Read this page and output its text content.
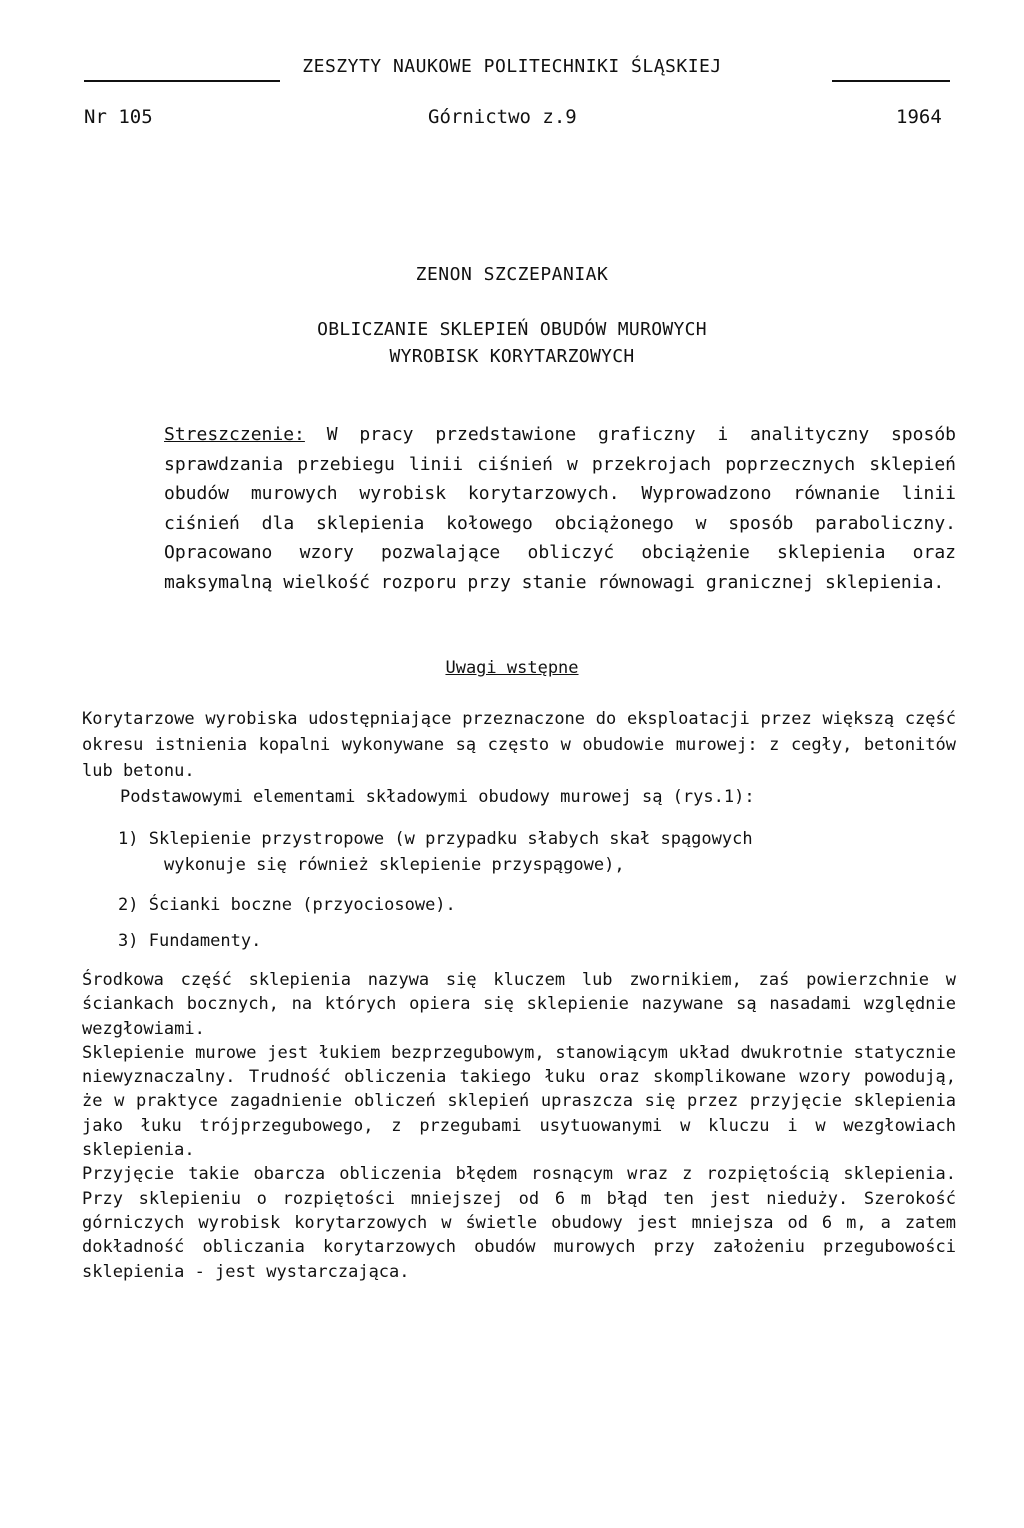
ZESZYTY NAUKOWE POLITECHNIKI ŚLĄSKIEJ
Nr 105	Górnictwo z.9	1964
ZENON SZCZEPANIAK
OBLICZANIE SKLEPIEŃ OBUDÓW MUROWYCH
WYROBISK KORYTARZOWYCH
Streszczenie: W pracy przedstawione graficzny i analityczny sposób sprawdzania przebiegu linii ciśnień w przekrojach poprzecznych sklepień obudów murowych wyrobisk korytarzowych. Wyprowadzono równanie linii ciśnień dla sklepienia kołowego obciążonego w sposób paraboliczny. Opracowano wzory pozwalające obliczyć obciążenie sklepienia oraz maksymalną wielkość rozporu przy stanie równowagi granicznej sklepienia.
Uwagi wstępne
Korytarzowe wyrobiska udostępniające przeznaczone do eksploatacji przez większą część okresu istnienia kopalni wykonywane są często w obudowie murowej: z cegły, betonitów lub betonu.
Podstawowymi elementami składowymi obudowy murowej są (rys.1):
1) Sklepienie przystropowe (w przypadku słabych skał spągowych
wykonuje się również sklepienie przyspągowe),
2) Ścianki boczne (przyociosowe).
3) Fundamenty.

Środkowa część sklepienia nazywa się kluczem lub zwornikiem, zaś powierzchnie w ściankach bocznych, na których opiera się sklepienie nazywane są nasadami względnie wezgłowiami.

Sklepienie murowe jest łukiem bezprzegubowym, stanowiącym układ dwukrotnie statycznie niewyznaczalny. Trudność obliczenia takiego łuku oraz skomplikowane wzory powodują, że w praktyce zagadnienie obliczeń sklepień upraszcza się przez przyjęcie sklepienia jako łuku trójprzegubowego, z przegubami usytuowanymi w kluczu i w wezgłowiach sklepienia.

Przyjęcie takie obarcza obliczenia błędem rosnącym wraz z rozpiętością sklepienia. Przy sklepieniu o rozpiętości mniejszej od 6 m błąd ten jest niedużу. Szerokość górniczych wyrobisk korytarzowych w świetle obudowy jest mniejsza od 6 m, a zatem dokładność obliczania korytarzowych obudów murowych przy założeniu przegubowości sklepienia - jest wystarczająca.
